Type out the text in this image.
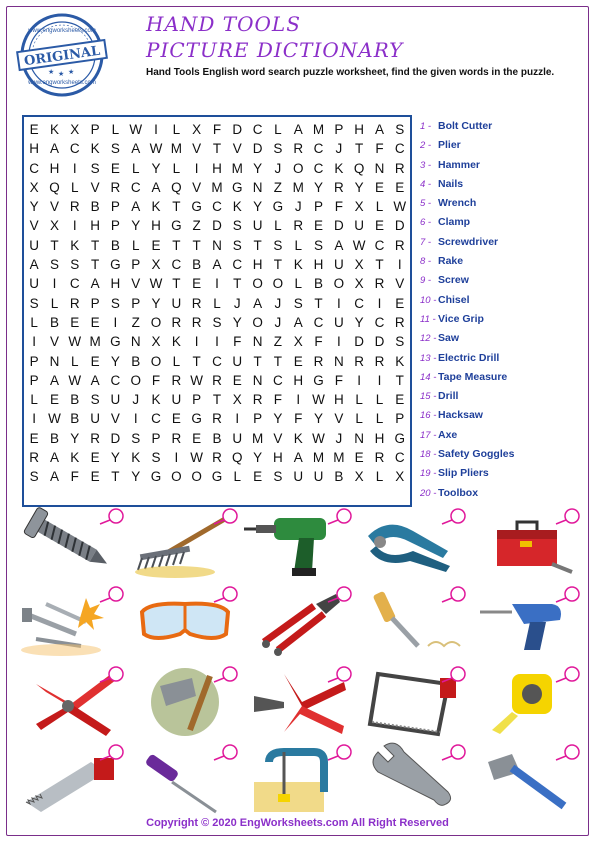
www.engworksheets.com
ORIGINAL
www.engworksheets.com
★ ★ ★
HAND TOOLS
PICTURE DICTIONARY
Hand Tools English word search puzzle worksheet, find the given words in the puzzle.
E K X P L W I	L X F D C L A M P H A S
H A C K S A W M V T V D S R C J T F C
C H	I	S E L Y L	I	H M Y J O C K Q N R
X Q L V R C A Q V M G N Z M Y R Y E E
Y V R B P A K T G C K Y G J P F X L W
V X	I	H P Y H G Z D S U L R E D U E D
U T K T B L E T T N S T S L S A W C R
A S S T G P X C B A C H T K H U X T	I
U	I	C A H V W T E	I	T O O L B O X R V
S L R P S P Y U R L J A J S T	I	C	I	E
L B E E	I	Z O R R S Y O J A C U Y C R
I	V W M G N X K	I	I	F N Z X F	I	D D S
P N L E Y B O L T C U T T E R N R R K
P A W A C O F R W R E N C H G F	I	I	T
L E B S U J K U P T X R F	I W H L L E
I W B U V	I	C E G R	I	P Y F Y V L L P
E B Y R D S P R E B U M V K W J N H G
R A K E Y K S	I W R Q Y H A M M E R C
S A F E T Y G O O G L E S U U B X L X
1 - Bolt Cutter
2 - Plier
3 - Hammer
4 - Nails
5 - Wrench
6 - Clamp
7 - Screwdriver
8 - Rake
9 - Screw
10 - Chisel
11 - Vice Grip
12 - Saw
13 - Electric Drill
14 - Tape Measure
15 - Drill
16 - Hacksaw
17 - Axe
18 - Safety Goggles
19 - Slip Pliers
20 - Toolbox
Copyright © 2020 EngWorksheets.com All Right Reserved
